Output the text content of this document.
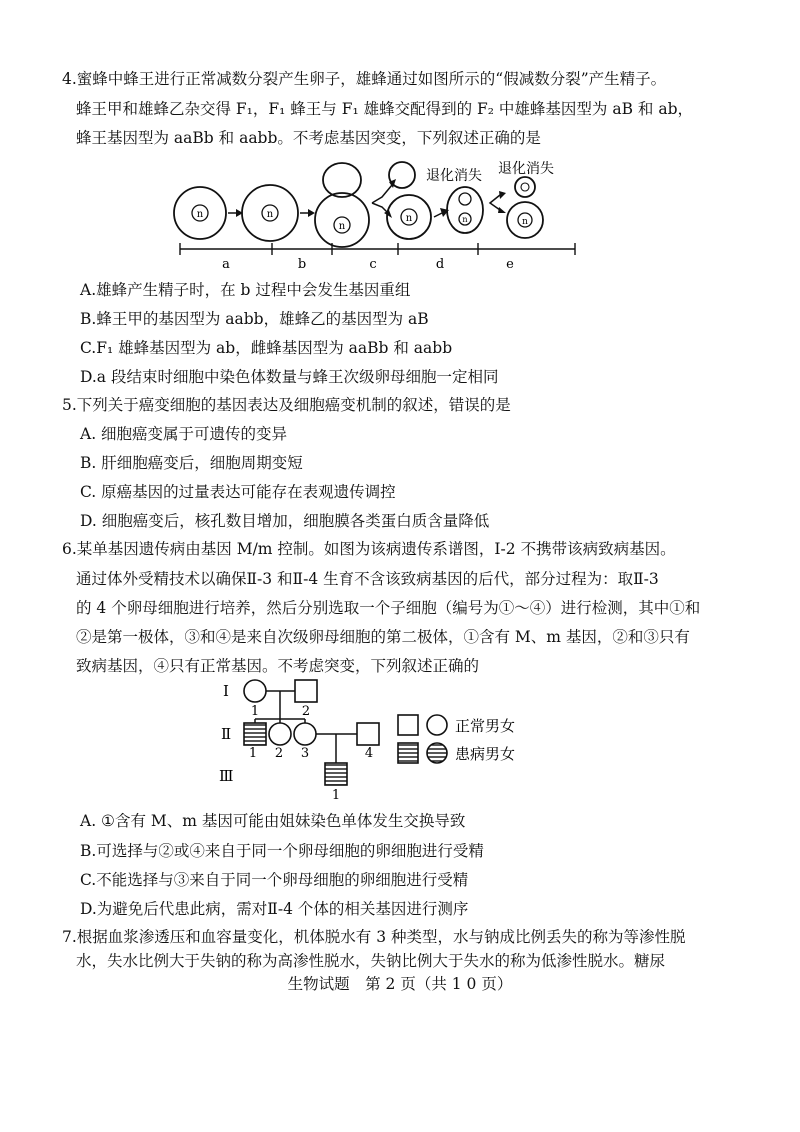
4.蜜蜂中蜂王进行正常减数分裂产生卵子，雄蜂通过如图所示的“假减数分裂”产生精子。
蜂王甲和雄蜂乙杂交得 F₁，F₁ 蜂王与 F₁ 雄蜂交配得到的 F₂ 中雄蜂基因型为 aB 和 ab，
蜂王基因型为 aaBb 和 aabb。不考虑基因突变，下列叙述正确的是
n	n
n
退化消失
n	n
退化消失
n
a	b	c	d	e
A.雄蜂产生精子时，在 b 过程中会发生基因重组
B.蜂王甲的基因型为 aabb，雄蜂乙的基因型为 aB
C.F₁ 雄蜂基因型为 ab，雌蜂基因型为 aaBb 和 aabb
D.a 段结束时细胞中染色体数量与蜂王次级卵母细胞一定相同
5.下列关于癌变细胞的基因表达及细胞癌变机制的叙述，错误的是
A. 细胞癌变属于可遗传的变异
B. 肝细胞癌变后，细胞周期变短
C. 原癌基因的过量表达可能存在表观遗传调控
D. 细胞癌变后，核孔数目增加，细胞膜各类蛋白质含量降低
6.某单基因遗传病由基因 M/m 控制。如图为该病遗传系谱图，Ⅰ-2 不携带该病致病基因。
通过体外受精技术以确保Ⅱ-3 和Ⅱ-4 生育不含该致病基因的后代，部分过程为：取Ⅱ-3
的 4 个卵母细胞进行培养，然后分别选取一个子细胞（编号为①～④）进行检测，其中①和
②是第一极体，③和④是来自次级卵母细胞的第二极体，①含有 M、m 基因，②和③只有
致病基因，④只有正常基因。不考虑突变，下列叙述正确的
Ⅰ
Ⅱ
Ⅲ
1	2
1 2 3	4
1
正常男女
患病男女
A. ①含有 M、m 基因可能由姐妹染色单体发生交换导致
B.可选择与②或④来自于同一个卵母细胞的卵细胞进行受精
C.不能选择与③来自于同一个卵母细胞的卵细胞进行受精
D.为避免后代患此病，需对Ⅱ-4 个体的相关基因进行测序
7.根据血浆渗透压和血容量变化，机体脱水有 3 种类型，水与钠成比例丢失的称为等渗性脱
水，失水比例大于失钠的称为高渗性脱水，失钠比例大于失水的称为低渗性脱水。糖尿
生物试题　第 2 页（共 1 0 页）
